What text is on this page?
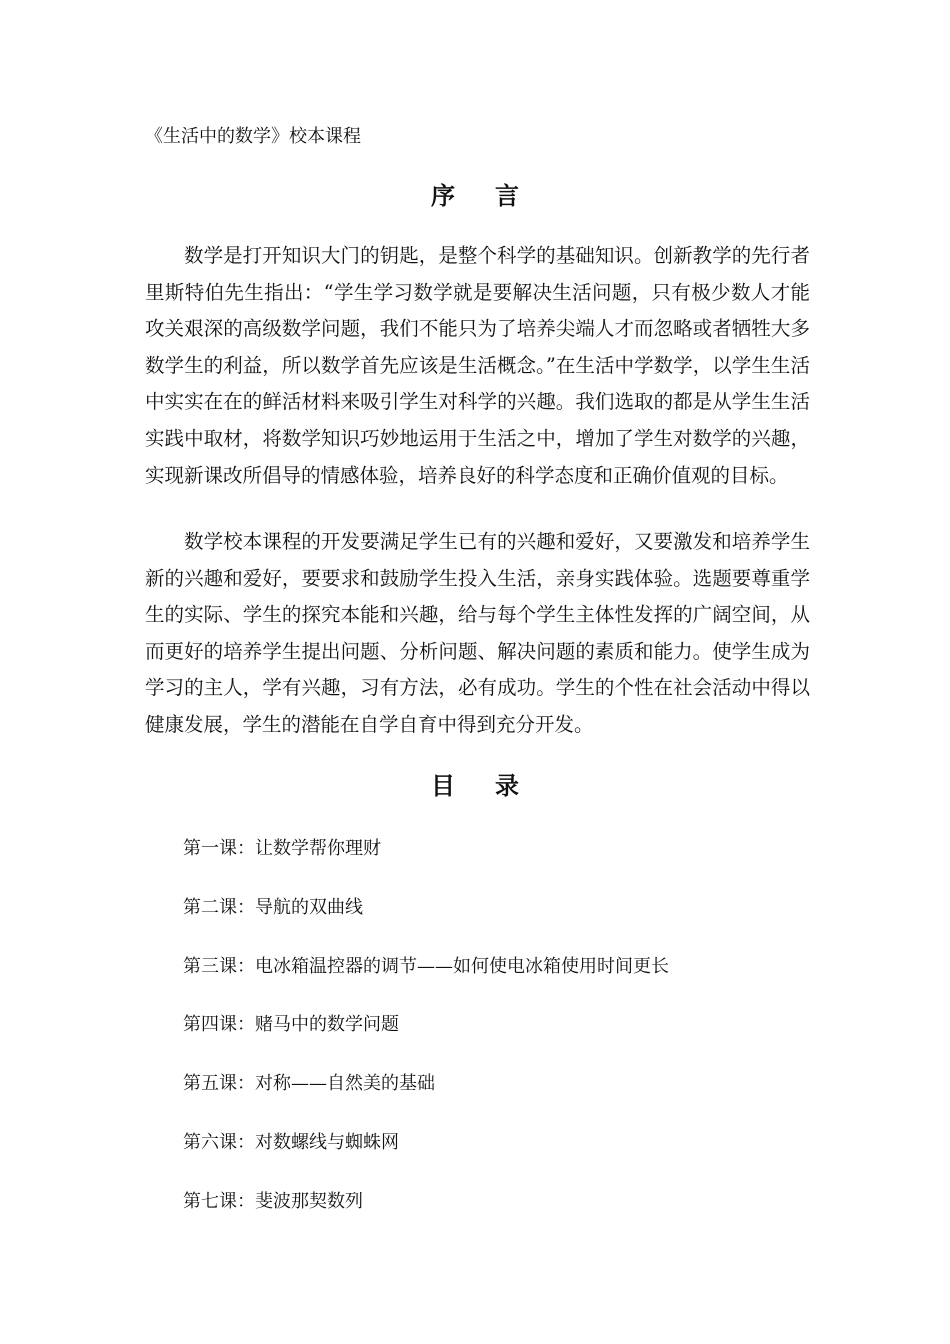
《生活中的数学》校本课程
序言

数学是打开知识大门的钥匙，是整个科学的基础知识。创新教学的先行者里斯特伯先生指出：“学生学习数学就是要解决生活问题，只有极少数人才能攻关艰深的高级数学问题，我们不能只为了培养尖端人才而忽略或者牺牲大多数学生的利益，所以数学首先应该是生活概念。”在生活中学数学，以学生生活中实实在在的鲜活材料来吸引学生对科学的兴趣。我们选取的都是从学生生活实践中取材，将数学知识巧妙地运用于生活之中，增加了学生对数学的兴趣，实现新课改所倡导的情感体验，培养良好的科学态度和正确价值观的目标。

数学校本课程的开发要满足学生已有的兴趣和爱好，又要激发和培养学生新的兴趣和爱好，要要求和鼓励学生投入生活，亲身实践体验。选题要尊重学生的实际、学生的探究本能和兴趣，给与每个学生主体性发挥的广阔空间，从而更好的培养学生提出问题、分析问题、解决问题的素质和能力。使学生成为学习的主人，学有兴趣，习有方法，必有成功。学生的个性在社会活动中得以健康发展，学生的潜能在自学自育中得到充分开发。

目录
第一课：让数学帮你理财
第二课：导航的双曲线
第三课：电冰箱温控器的调节——如何使电冰箱使用时间更长
第四课：赌马中的数学问题
第五课：对称——自然美的基础
第六课：对数螺线与蜘蛛网
第七课：斐波那契数列
